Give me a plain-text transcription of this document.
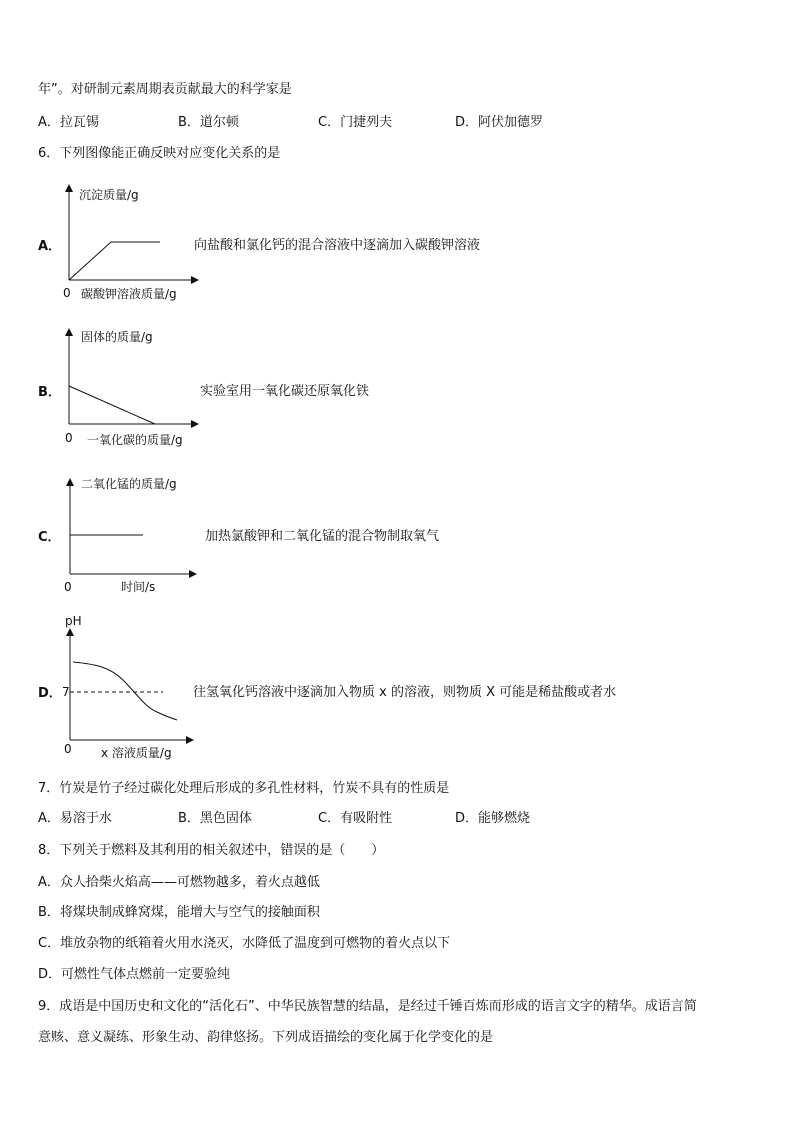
年”。对研制元素周期表贡献最大的科学家是
A．拉瓦锡	B．道尔顿	C．门捷列夫	D．阿伏加德罗
6．下列图像能正确反映对应变化关系的是
A．
沉淀质量/g
0 碳酸钾溶液质量/g
向盐酸和氯化钙的混合溶液中逐滴加入碳酸钾溶液
B．
固体的质量/g
0 一氧化碳的质量/g
实验室用一氧化碳还原氧化铁
C．
二氧化锰的质量/g
0	时间/s
加热氯酸钾和二氧化锰的混合物制取氧气
D．
pH
7
0 x 溶液质量/g
往氢氧化钙溶液中逐滴加入物质 x 的溶液，则物质 X 可能是稀盐酸或者水
7．竹炭是竹子经过碳化处理后形成的多孔性材料，竹炭不具有的性质是
A．易溶于水	B．黑色固体	C．有吸附性	D．能够燃烧
8．下列关于燃料及其利用的相关叙述中，错误的是（　　）
A．众人拾柴火焰高——可燃物越多，着火点越低
B．将煤块制成蜂窝煤，能增大与空气的接触面积
C．堆放杂物的纸箱着火用水浇灭，水降低了温度到可燃物的着火点以下
D．可燃性气体点燃前一定要验纯
9．成语是中国历史和文化的“活化石”、中华民族智慧的结晶，是经过千锤百炼而形成的语言文字的精华。成语言简
意赅、意义凝练、形象生动、韵律悠扬。下列成语描绘的变化属于化学变化的是
